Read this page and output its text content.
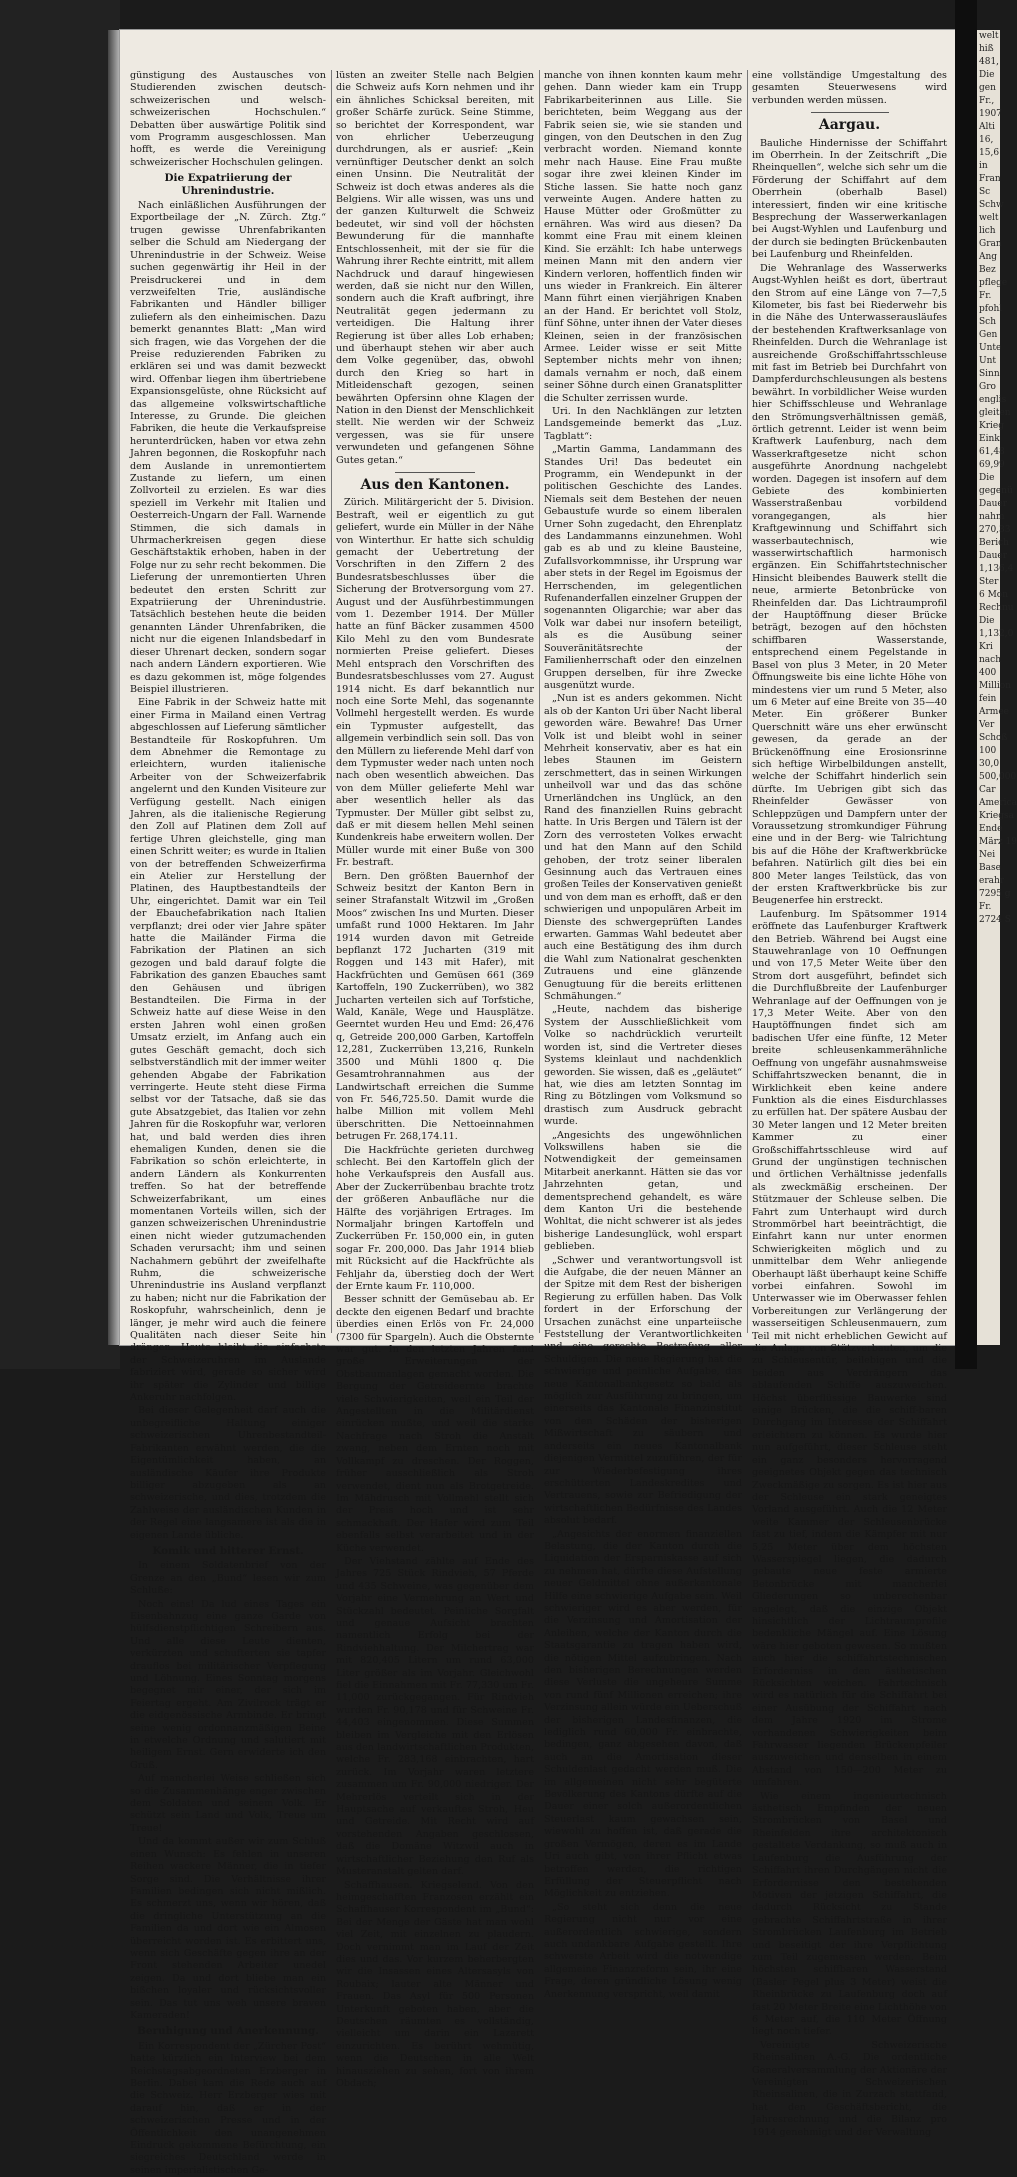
günstigung des Austausches von Studierenden zwischen deutsch-schweizerischen und welsch-schweizerischen Hochschulen.“ Debatten über auswärtige Politik sind vom Programm ausgeschlossen. Man hofft, es werde die Vereinigung schweizerischer Hochschulen gelingen.

Die Expatriierung der Uhrenindustrie.

Nach einläßlichen Ausführungen der Exportbeilage der „N. Zürch. Ztg.“ trugen gewisse Uhrenfabrikanten selber die Schuld am Niedergang der Uhrenindustrie in der Schweiz. Weise suchen gegenwärtig ihr Heil in der Preisdruckerei und in dem verzweifelten Trie, ausländische Fabrikanten und Händler billiger zuliefern als den einheimischen. Dazu bemerkt genanntes Blatt: „Man wird sich fragen, wie das Vorgehen der die Preise reduzierenden Fabriken zu erklären sei und was damit bezweckt wird. Offenbar liegen ihm übertriebene Expansionsgelüste, ohne Rücksicht auf das allgemeine volkswirtschaftliche Interesse, zu Grunde. Die gleichen Fabriken, die heute die Verkaufspreise herunterdrücken, haben vor etwa zehn Jahren begonnen, die Roskopfuhr nach dem Auslande in unremontiertem Zustande zu liefern, um einen Zollvorteil zu erzielen. Es war dies speziell im Verkehr mit Italien und Oesterreich-Ungarn der Fall. Warnende Stimmen, die sich damals in Uhrmacherkreisen gegen diese Geschäftstaktik erhoben, haben in der Folge nur zu sehr recht bekommen. Die Lieferung der unremontierten Uhren bedeutet den ersten Schritt zur Expatriierung der Uhrenindustrie. Tatsächlich bestehen heute die beiden genannten Länder Uhrenfabriken, die nicht nur die eigenen Inlandsbedarf in dieser Uhrenart decken, sondern sogar nach andern Ländern exportieren. Wie es dazu gekommen ist, möge folgendes Beispiel illustrieren.

Eine Fabrik in der Schweiz hatte mit einer Firma in Mailand einen Vertrag abgeschlossen auf Lieferung sämtlicher Bestandteile für Roskopfuhren. Um dem Abnehmer die Remontage zu erleichtern, wurden italienische Arbeiter von der Schweizerfabrik angelernt und den Kunden Visiteure zur Verfügung gestellt. Nach einigen Jahren, als die italienische Regierung den Zoll auf Platinen dem Zoll auf fertige Uhren gleichstelle, ging man einen Schritt weiter; es wurde in Italien von der betreffenden Schweizerfirma ein Atelier zur Herstellung der Platinen, des Hauptbestandteils der Uhr, eingerichtet. Damit war ein Teil der Ebauchefabrikation nach Italien verpflanzt; drei oder vier Jahre später hatte die Mailänder Firma die Fabrikation der Platinen an sich gezogen und bald darauf folgte die Fabrikation des ganzen Ebauches samt den Gehäusen und übrigen Bestandteilen. Die Firma in der Schweiz hatte auf diese Weise in den ersten Jahren wohl einen großen Umsatz erzielt, im Anfang auch ein gutes Geschäft gemacht, doch sich selbstverständlich mit der immer weiter gehenden Abgabe der Fabrikation verringerte. Heute steht diese Firma selbst vor der Tatsache, daß sie das gute Absatzgebiet, das Italien vor zehn Jahren für die Roskopfuhr war, verloren hat, und bald werden dies ihren ehemaligen Kunden, denen sie die Fabrikation so schön erleichterte, in andern Ländern als Konkurrenten treffen. So hat der betreffende Schweizerfabrikant, um eines momentanen Vorteils willen, sich der ganzen schweizerischen Uhrenindustrie einen nicht wieder gutzumachenden Schaden verursacht; ihm und seinen Nachahmern gebührt der zweifelhafte Ruhm, die schweizerische Uhrenindustrie ins Ausland verpflanzt zu haben; nicht nur die Fabrikation der Roskopfuhr, wahrscheinlich, denn je länger, je mehr wird auch die feinere Qualitäten nach dieser Seite hin drängen. Heute bleibt die einfachste der Schweizeruhren im Auslande fabriziert wird, gerade so sicher wird ihr später die Zylinder und billige Ankeruhr nachfolgen.

Bei dieser Gelegenheit darf auch die unbegreifliche Haltung einiger schweizerischen Uhrenbestandteil-Fabrikanten erwähnt werden, die die Eigentümlichkeit haben, an ausländische Käufer ihre Produkte billiger abzugeben als an schweizerische, und dies, trotzdem die Zahlweise der ausländischen Kunden in der Regel eine langsamere ist als die in eigenen Lande übliche.

Komik und bitterer Ernst.

In einem Soldatenbrief von der Grenze an den „Bund“ lesen wir zum Schluße:

Noch eins! Da lud eines Tages ein Eisenbahnzug eine ganze Garde von hülfsdienstpflichtigen Schreibern aus. Und alle diese Leute dienten, verkürzten und schufterten sie tapfer drauflos bei militärischer Verpflegung und Löhnung. Eines Sonntag morgens begegnet mir einer, der sich im Feiertag ergeht. Am Zivilrock trägt er die eidgenössische Armbinde. Er bringt seine wenig ordonnanzmäßigen Beine in etwelche Ordnung und salutiert mit heiligem Ernst. Gern erwiderte ich den Gruß.

Auf mancherlei Weise schließen sich so die Zusammenhänge enger zwischen dem Soldaten und seinem Volk. Er schützt sein Land und Volk, Treue um Treue!

Und da kommt außer wir zum Schluß einen Wunsch: Es fehlen in unseren Reihen wackere Männer, die in tiefer Sorge sind. Die Verhältnisse ihrer Familien bedingen sich nicht mißlich. Es schmerzt uns, wenn wir hören, daß die dringliche Unterstützung an die Familien da und dort wie ein Almosen überreicht worden ist. Es erbittert uns, wenn sich Geschäfte gegen ihre an der Front stehenden Arbeiter unedel zeigen. Da und dort bliebe man ein bißchen loyaler und rücksichtsvoller sein. Das tut uns weh unsere braven Kameraden!

Beruhigung und Anerkennung.

Ein Korrespondent der „Zürcher Post“ hatte kürzlich ein Interview bei dem Reichstagsabgeordneten Erzberger in Berlin. Dabei kam die Rede auch auf die Schweiz. Herr Erzberger wies mit darauf hin, daß er in der schweizerischen Presse und in der Öffentlichkeit den unangenehmen Eindruck gekommene Befürchtung, ein siegreiches Deutschland werde in seinen imperialistischen Ge-

lüsten an zweiter Stelle nach Belgien die Schweiz aufs Korn nehmen und ihr ein ähnliches Schicksal bereiten, mit großer Schärfe zurück. Seine Stimme, so berichtet der Korrespondent, war von ehrlicher Ueberzeugung durchdrungen, als er ausrief: „Kein vernünftiger Deutscher denkt an solch einen Unsinn. Die Neutralität der Schweiz ist doch etwas anderes als die Belgiens. Wir alle wissen, was uns und der ganzen Kulturwelt die Schweiz bedeutet, wir sind voll der höchsten Bewunderung für die mannhafte Entschlossenheit, mit der sie für die Wahrung ihrer Rechte eintritt, mit allem Nachdruck und darauf hingewiesen werden, daß sie nicht nur den Willen, sondern auch die Kraft aufbringt, ihre Neutralität gegen jedermann zu verteidigen. Die Haltung ihrer Regierung ist über alles Lob erhaben; und überhaupt stehen wir aber auch dem Volke gegenüber, das, obwohl durch den Krieg so hart in Mitleidenschaft gezogen, seinen bewährten Opfersinn ohne Klagen der Nation in den Dienst der Menschlichkeit stellt. Nie werden wir der Schweiz vergessen, was sie für unsere verwundeten und gefangenen Söhne Gutes getan.“

Aus den Kantonen.

Zürich. Militärgericht der 5. Division. Bestraft, weil er eigentlich zu gut geliefert, wurde ein Müller in der Nähe von Winterthur. Er hatte sich schuldig gemacht der Uebertretung der Vorschriften in den Ziffern 2 des Bundesratsbeschlusses über die Sicherung der Brotversorgung vom 27. August und der Ausführbestimmungen vom 1. Dezember 1914. Der Müller hatte an fünf Bäcker zusammen 4500 Kilo Mehl zu den vom Bundesrate normierten Preise geliefert. Dieses Mehl entsprach den Vorschriften des Bundesratsbeschlusses vom 27. August 1914 nicht. Es darf bekanntlich nur noch eine Sorte Mehl, das sogenannte Vollmehl hergestellt werden. Es wurde ein Typmuster aufgestellt, das allgemein verbindlich sein soll. Das von den Müllern zu lieferende Mehl darf von dem Typmuster weder nach unten noch nach oben wesentlich abweichen. Das von dem Müller gelieferte Mehl war aber wesentlich heller als das Typmuster. Der Müller gibt selbst zu, daß er mit diesem hellen Mehl seinen Kundenkreis habe erweitern wollen. Der Müller wurde mit einer Buße von 300 Fr. bestraft.

Bern. Den größten Bauernhof der Schweiz besitzt der Kanton Bern in seiner Strafanstalt Witzwil im „Großen Moos“ zwischen Ins und Murten. Dieser umfaßt rund 1000 Hektaren. Im Jahr 1914 wurden davon mit Getreide bepflanzt 172 Jucharten (319 mit Roggen und 143 mit Hafer), mit Hackfrüchten und Gemüsen 661 (369 Kartoffeln, 190 Zuckerrüben), wo 382 Jucharten verteilen sich auf Torfstiche, Wald, Kanäle, Wege und Hausplätze. Geerntet wurden Heu und Emd: 26,476 q, Getreide 200,000 Garben, Kartoffeln 12,281, Zuckerrüben 13,216, Runkeln 3500 und Mühli 1800 q. Die Gesamtrohrannahmen aus der Landwirtschaft erreichen die Summe von Fr. 546,725.50. Damit wurde die halbe Million mit vollem Mehl überschritten. Die Nettoeinnahmen betrugen Fr. 268,174.11.

Die Hackfrüchte gerieten durchweg schlecht. Bei den Kartoffeln glich der hohe Verkaufspreis den Ausfall aus. Aber der Zuckerrübenbau brachte trotz der größeren Anbaufläche nur die Hälfte des vorjährigen Ertrages. Im Normaljahr bringen Kartoffeln und Zuckerrüben Fr. 150,000 ein, in guten sogar Fr. 200,000. Das Jahr 1914 blieb mit Rücksicht auf die Hackfrüchte als Fehljahr da, überstieg doch der Wert der Ernte kaum Fr. 110,000.

Besser schnitt der Gemüsebau ab. Er deckte den eigenen Bedarf und brachte überdies einen Erlös von Fr. 24,000 (7300 für Spargeln). Auch die Obsternte war gut. In den letzten Jahren fand große Erweiterungen der Obstbaumanlagen gemacht worden. Die Bergung der Getreideernte brachte viele Schwierigkeiten, weil ein Teil der Angestellten in die Militärdienst einrücken mußte, und weil die starke Nachfrage nach Stroh die Anstalt zwang, neben dem Ernten noch mit Vollkampf zu dreschen. Der Roggen, früher ausschließlich als Stroh verwendet, dient nun als Brotgetreide. Im Mähdrusch mit Vollmehl stellt sich der Preis hoch und ist sehr schmackhaft. Der Hafer wird zum Teil ebenfalls selbst verarbeitet und in der Küche verwendet.

Der Viehstand zählte auf Ende des Jahres 725 Stück Rindvieh, 57 Pferde und 435 Schweine, was gegenüber dem Vorjahr eine Vermehrung an Wert und Stückzahl bedeutet. Peinliche Sorgfalt und genaue Aufsicht brachten namentlich Erfolg bei der Rindviehhaltung. Der Milchertrag war mit 820,405 Litern um rund 63,000 Liter größer als im Vorjahr. Gleichwohl fiel die Einnahmen mit Fr. 77,330 um Fr. 11,000 zurückgegangen. Für Rindvieh wurden Fr. 90,178 und für Schweine Fr. 44,403 eingenommen. Diese Summen bleiben im Vergleiche mit den Erlösen aus den landwirtschaftlichen Produkten, welche Fr. 283,168 einbrachten, hart zurück. Im Vorjahr waren letztere zusammen um Fr. 90,000 niedriger. Der Mehrerlös verteilt sich in der Hauptsache auf verkauftes Stroh, Heu und Getreide. Mit Recht wird auf vorstehenden Angaben geschlossen, daß die Domäne Witzwil auch in wirtschaftlicher Beziehung den Ruf als Musteranstalt gelten darf.

Schaffhausen. Kriegselend. Von den heimgeschafften Franzosen erzählt ein Schaffhauser Korrespondent im „Bund“: Bei der Menge der Gäste hat man wohl viel Zeit, mit einzelnen zu plaudern. Doch vernimmt man im Lauf der Zeit dies und das. Vor kurzem beherbergten wir die Insassen eines Altersasyls von Roubaix; lauter alte Männer und Frauen. Das Asyl für 500 Personen Unterkunft geboten haben, aber die Deutschen räumten es vollständig, vielleicht um darin ein Lazarett einzurichten. Es berührt wehmütig, wenn die Deutschen in alle Welt hinausziehen zu sehen, fort von ihrem Obdach;

manche von ihnen konnten kaum mehr gehen. Dann wieder kam ein Trupp Fabrikarbeiterinnen aus Lille. Sie berichteten, beim Weggang aus der Fabrik seien sie, wie sie standen und gingen, von den Deutschen in den Zug verbracht worden. Niemand konnte mehr nach Hause. Eine Frau mußte sogar ihre zwei kleinen Kinder im Stiche lassen. Sie hatte noch ganz verweinte Augen. Andere hatten zu Hause Mütter oder Großmütter zu ernähren. Was wird aus diesen? Da kommt eine Frau mit einem kleinen Kind. Sie erzählt: Ich habe unterwegs meinen Mann mit den andern vier Kindern verloren, hoffentlich finden wir uns wieder in Frankreich. Ein älterer Mann führt einen vierjährigen Knaben an der Hand. Er berichtet voll Stolz, fünf Söhne, unter ihnen der Vater dieses Kleinen, seien in der französischen Armee. Leider wisse er seit Mitte September nichts mehr von ihnen; damals vernahm er noch, daß einem seiner Söhne durch einen Granatsplitter die Schulter zerrissen wurde.

Uri. In den Nachklängen zur letzten Landsgemeinde bemerkt das „Luz. Tagblatt“:

„Martin Gamma, Landammann des Standes Uri! Das bedeutet ein Programm, ein Wendepunkt in der politischen Geschichte des Landes. Niemals seit dem Bestehen der neuen Gebaustufe wurde so einem liberalen Urner Sohn zugedacht, den Ehrenplatz des Landammanns einzunehmen. Wohl gab es ab und zu kleine Bausteine, Zufallsvorkommnisse, ihr Ursprung war aber stets in der Regel im Egoismus der Herrschenden, im gelegentlichen Rufenanderfallen einzelner Gruppen der sogenannten Oligarchie; war aber das Volk war dabei nur insofern beteiligt, als es die Ausübung seiner Souveränitätsrechte der Familienherrschaft oder den einzelnen Gruppen derselben, für ihre Zwecke ausgenützt wurde.

„Nun ist es anders gekommen. Nicht als ob der Kanton Uri über Nacht liberal geworden wäre. Bewahre! Das Urner Volk ist und bleibt wohl in seiner Mehrheit konservativ, aber es hat ein lebes Staunen im Geistern zerschmettert, das in seinen Wirkungen unheilvoll war und das das schöne Urnerländchen ins Unglück, an den Rand des finanziellen Ruins gebracht hatte. In Uris Bergen und Tälern ist der Zorn des verrosteten Volkes erwacht und hat den Mann auf den Schild gehoben, der trotz seiner liberalen Gesinnung auch das Vertrauen eines großen Teiles der Konservativen genießt und von dem man es erhofft, daß er den schwierigen und unpopulären Arbeit im Dienste des schwergeprüften Landes erwarten. Gammas Wahl bedeutet aber auch eine Bestätigung des ihm durch die Wahl zum Nationalrat geschenkten Zutrauens und eine glänzende Genugtuung für die bereits erlittenen Schmähungen.“

„Heute, nachdem das bisherige System der Ausschließlichkeit vom Volke so nachdrücklich verurteilt worden ist, sind die Vertreter dieses Systems kleinlaut und nachdenklich geworden. Sie wissen, daß es „geläutet“ hat, wie dies am letzten Sonntag im Ring zu Bötzlingen vom Volksmund so drastisch zum Ausdruck gebracht wurde.

„Angesichts des ungewöhnlichen Volkswillens haben sie die Notwendigkeit der gemeinsamen Mitarbeit anerkannt. Hätten sie das vor Jahrzehnten getan, und dementsprechend gehandelt, es wäre dem Kanton Uri die bestehende Wohltat, die nicht schwerer ist als jedes bisherige Landesunglück, wohl erspart geblieben.

„Schwer und verantwortungsvoll ist die Aufgabe, die der neuen Männer an der Spitze mit dem Rest der bisherigen Regierung zu erfüllen haben. Das Volk fordert in der Erforschung der Ursachen zunächst eine unparteiische Feststellung der Verantwortlichkeiten und eine gerechte Bestrafung aller Schuldigen. Die neue Regierung hat die schwierige und peinliche Aufgabe, das neue Kantonalbankgesetz so bald als möglich zur Ausführung zu bringen, um einerseits das Kantonale Finanzinstitut von den Schäden der bisherigen Mißwirtschaft zu säubern und anderseits ein neues Kantonalbank diejenigen Vermittel zuzuführen, der für zur Wiederbefestigung ihres erschütterten Landeskredites und Vertrauens, sowie zur Befriedigung der wirtschaftlichen Bedürfnisse des Landes absolut bedarf.

„Angesichts der enormen finanziellen Belastung, die der Kanton durch die Liquidation der Ersparniskasse auf sich zu nehmen hat, dürfte diese Aufstellung neuer Geldmittel ohne außerkantonale Hilfe eine schwierige Aufgabe sein. Weil schwieriger wird es aber werden, für die Verzinsung und Amortisation der Anleihen, welche der Kanton durch die Staatsgarantie zu tragen haben wird, die nötigen Mittel aufzubringen. Nach den bisherigen Berechnungen werden diese Verluste die ungeheure Summe von rund fünf Millionen erreichen; ihre Verzinsung allein würde ein Ueberschuß der bisherigen Landesfinanzen, die lediglich rund 60,000 Fr. einbrachte, bedingen, ganz abgesehen davon, daß auch an die Amortisation dieser Schuldenlast gedacht werden muß. Die im allgemeinen nicht sehr begüterte Bevölkerung des Kantons dürfte auf die Dauer einer solch außerordentlichen Steuerlast kaum gewachsen sein, wiewohl zu hoffen ist, daß gerade die großen Vermögen, deren es im Lande Uri auch gibt, von ihrer Pflicht etwas betroffen werden, die richtigen Erfüllung der Steuerpflicht nach Möglichkeit zu entziehen.

„So steht sich denn die neue Regierung nicht nur vor eine außerordentlich schwierige, sondern auch undankbare Aufgabe gestellt. Ihre schwerste Arbeit wird die notwendige allgemeine Finanzreform sein, ihr eine Frage, deren gründliche Lösung wenig Anerkennung verspricht, weil damit

eine vollständige Umgestaltung des gesamten Steuerwesens wird verbunden werden müssen.

Aargau.

Bauliche Hindernisse der Schiffahrt im Oberrhein. In der Zeitschrift „Die Rheinquellen“, welche sich sehr um die Förderung der Schiffahrt auf dem Oberrhein (oberhalb Basel) interessiert, finden wir eine kritische Besprechung der Wasserwerkanlagen bei Augst-Wyhlen und Laufenburg und der durch sie bedingten Brückenbauten bei Laufenburg und Rheinfelden.

Die Wehranlage des Wasserwerks Augst-Wyhlen heißt es dort, übertraut den Strom auf eine Länge von 7—7,5 Kilometer, bis fast bei Riederwehr bis in die Nähe des Unterwasserausläufes der bestehenden Kraftwerksanlage von Rheinfelden. Durch die Wehranlage ist ausreichende Großschiffahrtsschleuse mit fast im Betrieb bei Durchfahrt von Dampferdurchschleusungen als bestens bewährt. In vorbildlicher Weise wurden hier Schiffsschleuse und Wehranlage den Strömungsverhältnissen gemäß, örtlich getrennt. Leider ist wenn beim Kraftwerk Laufenburg, nach dem Wasserkraftgesetze nicht schon ausgeführte Anordnung nachgelebt worden. Dagegen ist insofern auf dem Gebiete des kombinierten Wasserstraßenbau vorbildend vorangegangen, als hier Kraftgewinnung und Schiffahrt sich wasserbautechnisch, wie wasserwirtschaftlich harmonisch ergänzen. Ein Schiffahrtstechnischer Hinsicht bleibendes Bauwerk stellt die neue, armierte Betonbrücke von Rheinfelden dar. Das Lichtraumprofil der Hauptöffnung dieser Brücke beträgt, bezogen auf den höchsten schiffbaren Wasserstande, entsprechend einem Pegelstande in Basel von plus 3 Meter, in 20 Meter Öffnungsweite bis eine lichte Höhe von mindestens vier um rund 5 Meter, also um 6 Meter auf eine Breite von 35—40 Meter. Ein größerer Bunker Querschnitt wäre uns eher erwünscht gewesen, da gerade an der Brückenöffnung eine Erosionsrinne sich heftige Wirbelbildungen anstellt, welche der Schiffahrt hinderlich sein dürfte. Im Uebrigen gibt sich das Rheinfelder Gewässer von Schleppzügen und Dampfern unter der Voraussetzung stromkundiger Führung eine und in der Berg- wie Talrichtung bis auf die Höhe der Kraftwerkbrücke befahren. Natürlich gilt dies bei ein 800 Meter langes Teilstück, das von der ersten Kraftwerkbrücke bis zur Beugenerfee hin erstreckt.

Laufenburg. Im Spätsommer 1914 eröffnete das Laufenburger Kraftwerk den Betrieb. Während bei Augst eine Stauwehranlage von 10 Oeffnungen und von 17,5 Meter Weite über den Strom dort ausgeführt, befindet sich die Durchflußbreite der Laufenburger Wehranlage auf der Oeffnungen von je 17,3 Meter Weite. Aber von den Hauptöffnungen findet sich am badischen Ufer eine fünfte, 12 Meter breite schleusenkammerähnliche Oeffnung von ungefähr ausnahmsweise Schiffahrtszwecken benannt, die in Wirklichkeit eben keine andere Funktion als die eines Eisdurchlasses zu erfüllen hat. Der spätere Ausbau der 30 Meter langen und 12 Meter breiten Kammer zu einer Großschiffahrtsschleuse wird auf Grund der ungünstigen technischen und örtlichen Verhältnisse jedenfalls als zweckmäßig erscheinen. Der Stützmauer der Schleuse selben. Die Fahrt zum Unterhaupt wird durch Strommörbel hart beeinträchtigt, die Einfahrt kann nur unter enormen Schwierigkeiten möglich und zu unmittelbar dem Wehr anliegende Oberhaupt läßt überhaupt keine Schiffe vorbei einfahren. Sowohl im Unterwasser wie im Oberwasser fehlen Vorbereitungen zur Verlängerung der wasserseitigen Schleusenmauern, zum Teil mit nicht erheblichen Gewicht auf die Anlage von Stützverbauten, um die zu Schleusentür, beilebigen und die beiden aus Verdrängern das ablaufenden Schiffe auszuweichen. Höchst überflüssige Bauwerke sind einige Brücken, die die schiff-baren Durchgang im Interesse der Schiffahrt erleichtern zu können. Es wurde hier nun aufgeführt, dieser Schleuse steht ein ganz besonders hervorragend geeignetes Objekt gegen das technisch Zweckmäßige zu sorgen. Es ist hier aus der Schleuse ein stark geneigtes Vorland ausgeführt. Auch die 12 Meter weite Kammer der Schleusenbrücke fast zu tief, indem die Kämpfer mit nur 5,25 Meter über dem höchsten Wasserspiegel liegen, die dadurch gebaute neue feste armierte Betonbrücke mit mancherlei Gliederungen so unberechenbar angelegt, daß die einzige Objekt hinsichtlich der Lichtraumprofile bedenkliche Mängel auf. Eine Lösung wäre hier geboten gewesen. So mußten auch hier die schiffahrtstechnischen Erforderniss in den ästhetischen Rücksichten weichen. Fahrtechnisch wird es natürlich für die Schiffahrt bei einer Ausübung der Schiffahrt nach dem Jahre 1920 im Strome vorhandenen Schwierigkeiten beim Fahrwasser liegenden Brückenpfeiler auszuweichen und denselben in einem Abstand von 150—200 Meter zu umfahren.

Wie einem ingenieurtechnisch ästhetisch Empfinden der neuen Strombrücken von Basel und Rheinfelden ihre architektonisch gestaltete Verdankung, so muß auch in Laufenburg die Ausführung der Schiffahrt ihren Durchgängen nicht die Erfordernisse den bestehenden Motiven der jetzigen Schiffahrt, die dadurch Rücksicht zu Stande gebrachte Schiffahrtstraße in ihrer Strombrücken Laufenburg im Betrieb und beseitigt der ihre Verpflichtung zum Teil zugemessen werden. Beim höchsten schiffbaren Wasserstand (Basler Pegel plus 3 Meter) weist die Rheinbrücke zu Laufenburg doch auf fast 20 Meter Breite eine Lichthöhe von 6 Meter auf, die 110 Meter Öffnung liegt noch tiefer.

Vereinigte Schweizerische Rheinsalinen A.-G. Die ordentliche Generalversammlung der Aktionäre der Vereinigten Schweizerischen Rheinsalinen, die in Zurzach stattfand, hat den Geschäftsbericht, die Jahresrechnung und die Bilanz pro 1914 genehmigt und der Verwaltung

welt
hiß
481,
Die
gen
Fr.,
1907
Alti
16,
15,6
in
Fran
Sc
Schw
welt
lich
Gran
Ang
Bez
pflege
Fr.
pfohl
Sch
Gen
Unte
Unt
Sinn
Gro
englis
gleiten
Krieg
Eink
61,48
69,99
Die
gegenü
Dauer
nahm
270,33
Berich
Dauer
1,136,4
Ster
6 Mon
Rechnu
Die
1,132,0
Kri
nach
400
Million
fein
Armee
Ver
Schoß
100
30,0
500,000
Car
America
Kriegsa
Ende
März 19
Nei
Base
erahr
7295 g
Fr.
2724 S
